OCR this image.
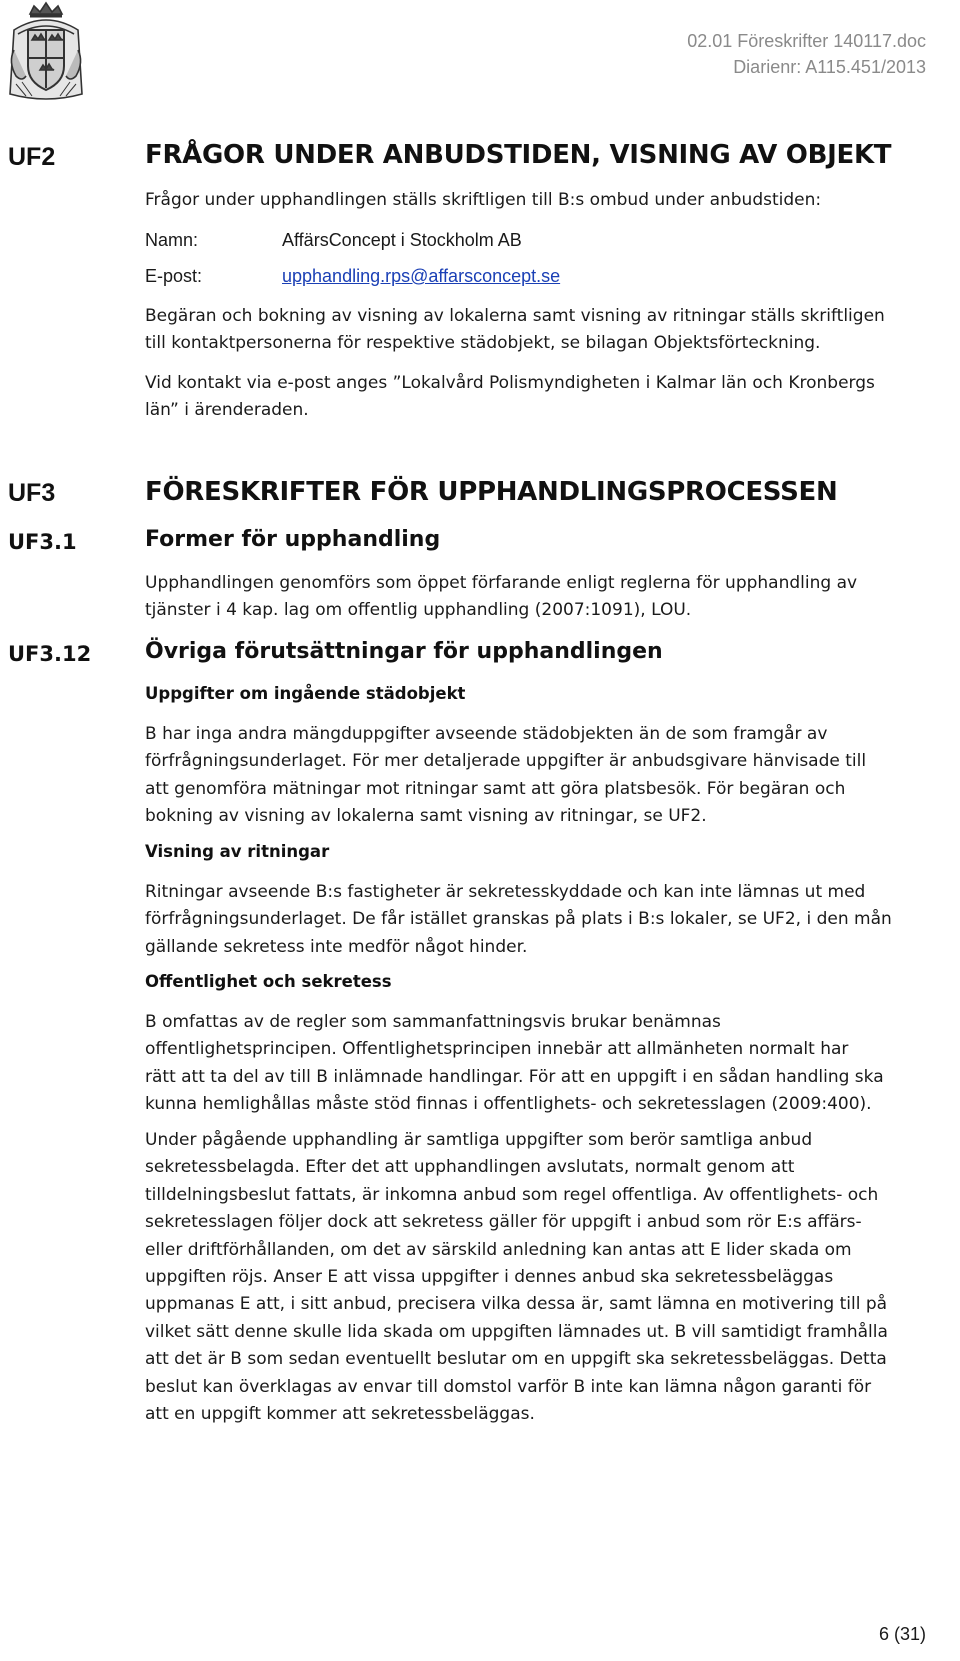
02.01 Föreskrifter 140117.doc
Diarienr: A115.451/2013
UF2	FRÅGOR UNDER ANBUDSTIDEN, VISNING AV OBJEKT
Frågor under upphandlingen ställs skriftligen till B:s ombud under anbudstiden:
Namn:	AffärsConcept i Stockholm AB
E-post:	upphandling.rps@affarsconcept.se
Begäran och bokning av visning av lokalerna samt visning av ritningar ställs skriftligen
till kontaktpersonerna för respektive städobjekt, se bilagan Objektsförteckning.
Vid kontakt via e-post anges ”Lokalvård Polismyndigheten i Kalmar län och Kronbergs
län” i ärenderaden.
UF3	FÖRESKRIFTER FÖR UPPHANDLINGSPROCESSEN
UF3.1	Former för upphandling
Upphandlingen genomförs som öppet förfarande enligt reglerna för upphandling av
tjänster i 4 kap. lag om offentlig upphandling (2007:1091), LOU.
UF3.12 Övriga förutsättningar för upphandlingen
Uppgifter om ingående städobjekt
B har inga andra mängduppgifter avseende städobjekten än de som framgår av
förfrågningsunderlaget. För mer detaljerade uppgifter är anbudsgivare hänvisade till
att genomföra mätningar mot ritningar samt att göra platsbesök. För begäran och
bokning av visning av lokalerna samt visning av ritningar, se UF2.
Visning av ritningar
Ritningar avseende B:s fastigheter är sekretesskyddade och kan inte lämnas ut med
förfrågningsunderlaget. De får istället granskas på plats i B:s lokaler, se UF2, i den mån
gällande sekretess inte medför något hinder.
Offentlighet och sekretess
B omfattas av de regler som sammanfattningsvis brukar benämnas
offentlighetsprincipen. Offentlighetsprincipen innebär att allmänheten normalt har
rätt att ta del av till B inlämnade handlingar. För att en uppgift i en sådan handling ska
kunna hemlighållas måste stöd finnas i offentlighets- och sekretesslagen (2009:400).
Under pågående upphandling är samtliga uppgifter som berör samtliga anbud
sekretessbelagda. Efter det att upphandlingen avslutats, normalt genom att
tilldelningsbeslut fattats, är inkomna anbud som regel offentliga. Av offentlighets- och
sekretesslagen följer dock att sekretess gäller för uppgift i anbud som rör E:s affärs-
eller driftförhållanden, om det av särskild anledning kan antas att E lider skada om
uppgiften röjs. Anser E att vissa uppgifter i dennes anbud ska sekretessbeläggas
uppmanas E att, i sitt anbud, precisera vilka dessa är, samt lämna en motivering till på
vilket sätt denne skulle lida skada om uppgiften lämnades ut. B vill samtidigt framhålla
att det är B som sedan eventuellt beslutar om en uppgift ska sekretessbeläggas. Detta
beslut kan överklagas av envar till domstol varför B inte kan lämna någon garanti för
att en uppgift kommer att sekretessbeläggas.
6 (31)
